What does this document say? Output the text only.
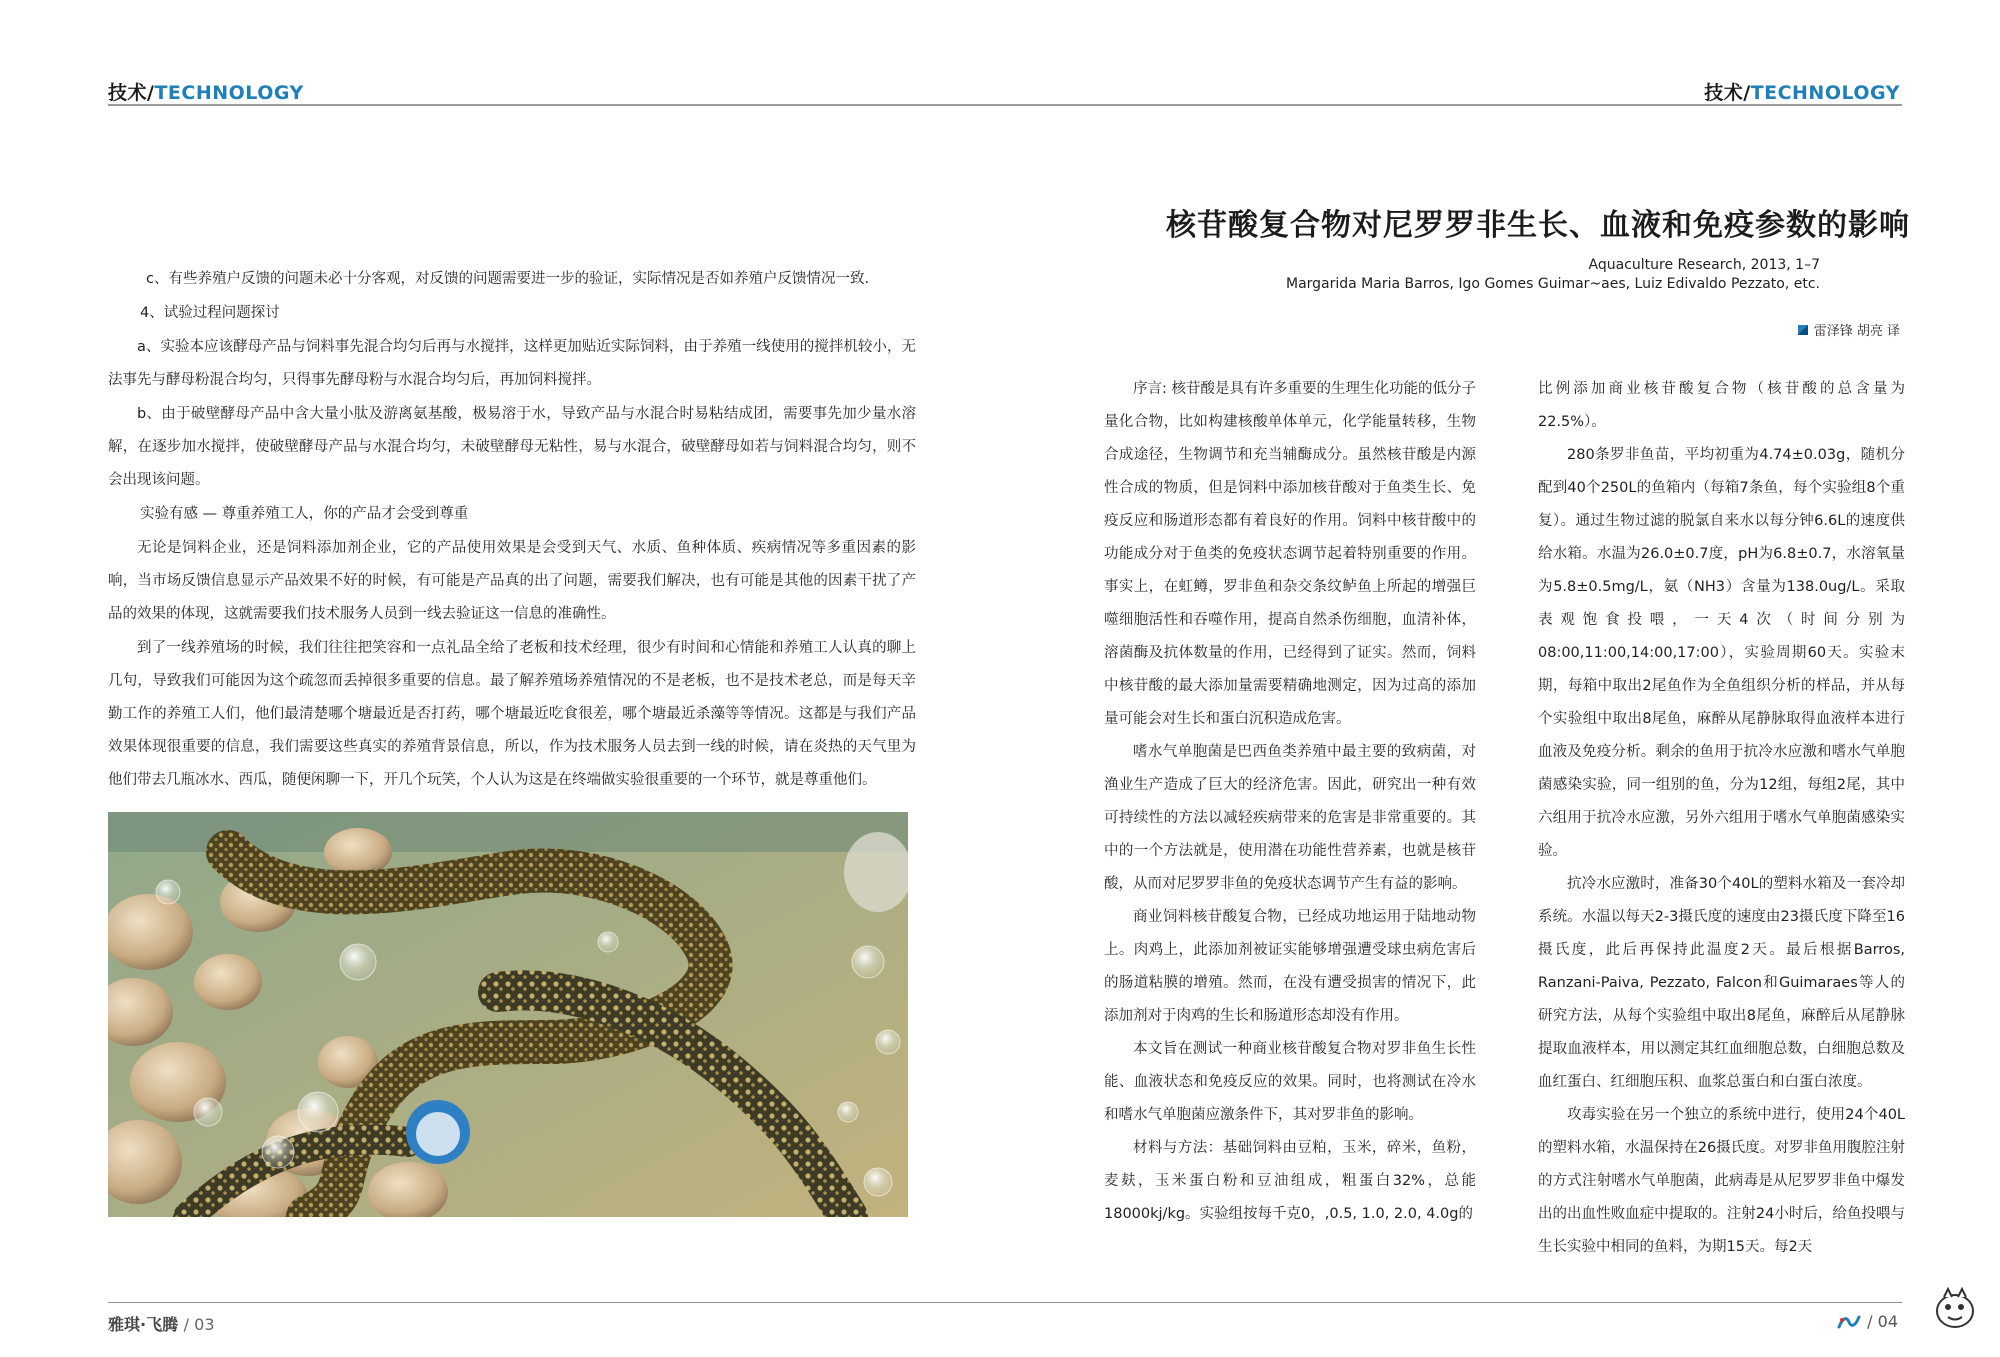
技术/TECHNOLOGY

c、有些养殖户反馈的问题未必十分客观，对反馈的问题需要进一步的验证，实际情况是否如养殖户反馈情况一致.

4、试验过程问题探讨

a、实验本应该酵母产品与饲料事先混合均匀后再与水搅拌，这样更加贴近实际饲料，由于养殖一线使用的搅拌机较小，无法事先与酵母粉混合均匀，只得事先酵母粉与水混合均匀后，再加饲料搅拌。

b、由于破壁酵母产品中含大量小肽及游离氨基酸，极易溶于水，导致产品与水混合时易粘结成团，需要事先加少量水溶解，在逐步加水搅拌，使破壁酵母产品与水混合均匀，未破壁酵母无粘性，易与水混合，破壁酵母如若与饲料混合均匀，则不会出现该问题。

实验有感 — 尊重养殖工人，你的产品才会受到尊重

无论是饲料企业，还是饲料添加剂企业，它的产品使用效果是会受到天气、水质、鱼种体质、疾病情况等多重因素的影响，当市场反馈信息显示产品效果不好的时候，有可能是产品真的出了问题，需要我们解决，也有可能是其他的因素干扰了产品的效果的体现，这就需要我们技术服务人员到一线去验证这一信息的准确性。

到了一线养殖场的时候，我们往往把笑容和一点礼品全给了老板和技术经理，很少有时间和心情能和养殖工人认真的聊上几句，导致我们可能因为这个疏忽而丢掉很多重要的信息。最了解养殖场养殖情况的不是老板，也不是技术老总，而是每天辛勤工作的养殖工人们，他们最清楚哪个塘最近是否打药，哪个塘最近吃食很差，哪个塘最近杀藻等等情况。这都是与我们产品效果体现很重要的信息，我们需要这些真实的养殖背景信息，所以，作为技术服务人员去到一线的时候，请在炎热的天气里为他们带去几瓶冰水、西瓜，随便闲聊一下，开几个玩笑，个人认为这是在终端做实验很重要的一个环节，就是尊重他们。

雅琪·飞腾 / 03
技术/TECHNOLOGY
核苷酸复合物对尼罗罗非生长、血液和免疫参数的影响
Aquaculture Research, 2013, 1–7
Margarida Maria Barros, Igo Gomes Guimar~aes, Luiz Edivaldo Pezzato, etc.
雷泽锋 胡亮 译

序言: 核苷酸是具有许多重要的生理生化功能的低分子量化合物，比如构建核酸单体单元，化学能量转移，生物合成途径，生物调节和充当辅酶成分。虽然核苷酸是内源性合成的物质，但是饲料中添加核苷酸对于鱼类生长、免疫反应和肠道形态都有着良好的作用。饲料中核苷酸中的功能成分对于鱼类的免疫状态调节起着特别重要的作用。事实上，在虹鳟，罗非鱼和杂交条纹鲈鱼上所起的增强巨噬细胞活性和吞噬作用，提高自然杀伤细胞，血清补体，溶菌酶及抗体数量的作用，已经得到了证实。然而，饲料中核苷酸的最大添加量需要精确地测定，因为过高的添加量可能会对生长和蛋白沉积造成危害。

嗜水气单胞菌是巴西鱼类养殖中最主要的致病菌，对渔业生产造成了巨大的经济危害。因此，研究出一种有效可持续性的方法以减轻疾病带来的危害是非常重要的。其中的一个方法就是，使用潜在功能性营养素，也就是核苷酸，从而对尼罗罗非鱼的免疫状态调节产生有益的影响。

商业饲料核苷酸复合物，已经成功地运用于陆地动物上。肉鸡上，此添加剂被证实能够增强遭受球虫病危害后的肠道粘膜的增殖。然而，在没有遭受损害的情况下，此添加剂对于肉鸡的生长和肠道形态却没有作用。

本文旨在测试一种商业核苷酸复合物对罗非鱼生长性能、血液状态和免疫反应的效果。同时，也将测试在冷水和嗜水气单胞菌应激条件下，其对罗非鱼的影响。

材料与方法：基础饲料由豆粕，玉米，碎米，鱼粉，麦麸，玉米蛋白粉和豆油组成，粗蛋白32%，总能18000kj/kg。实验组按每千克0，,0.5, 1.0, 2.0, 4.0g的

比例添加商业核苷酸复合物（核苷酸的总含量为22.5%）。

280条罗非鱼苗，平均初重为4.74±0.03g，随机分配到40个250L的鱼箱内（每箱7条鱼，每个实验组8个重复）。通过生物过滤的脱氯自来水以每分钟6.6L的速度供给水箱。水温为26.0±0.7度，pH为6.8±0.7，水溶氧量为5.8±0.5mg/L，氨（NH3）含量为138.0ug/L。采取表观饱食投喂，一天4次（时间分别为08:00,11:00,14:00,17:00），实验周期60天。实验末期，每箱中取出2尾鱼作为全鱼组织分析的样品，并从每个实验组中取出8尾鱼，麻醉从尾静脉取得血液样本进行血液及免疫分析。剩余的鱼用于抗冷水应激和嗜水气单胞菌感染实验，同一组别的鱼，分为12组，每组2尾，其中六组用于抗冷水应激，另外六组用于嗜水气单胞菌感染实验。

抗冷水应激时，准备30个40L的塑料水箱及一套冷却系统。水温以每天2-3摄氏度的速度由23摄氏度下降至16摄氏度，此后再保持此温度2天。最后根据Barros, Ranzani-Paiva, Pezzato, Falcon和Guimaraes等人的研究方法，从每个实验组中取出8尾鱼，麻醉后从尾静脉提取血液样本，用以测定其红血细胞总数，白细胞总数及血红蛋白、红细胞压积、血浆总蛋白和白蛋白浓度。

攻毒实验在另一个独立的系统中进行，使用24个40L的塑料水箱，水温保持在26摄氏度。对罗非鱼用腹腔注射的方式注射嗜水气单胞菌，此病毒是从尼罗罗非鱼中爆发出的出血性败血症中提取的。注射24小时后，给鱼投喂与生长实验中相同的鱼料，为期15天。每2天

/ 04
